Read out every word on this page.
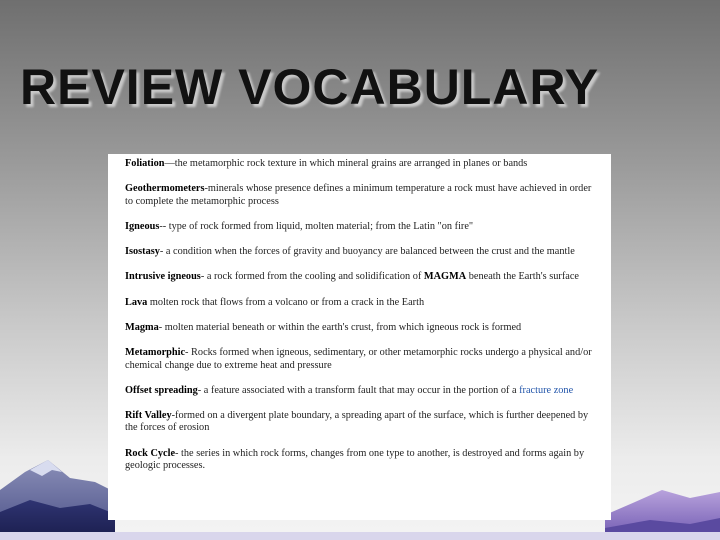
REVIEW VOCABULARY

Foliation—the metamorphic rock texture in which mineral grains are arranged in planes or bands

Geothermometers-minerals whose presence defines a minimum temperature a rock must have achieved in order to complete the metamorphic process

Igneous-- type of rock formed from liquid, molten material; from the Latin "on fire"

Isostasy- a condition when the forces of gravity and buoyancy are balanced between the crust and the mantle

Intrusive igneous- a rock formed from the cooling and solidification of MAGMA beneath the Earth's surface

Lava molten rock that flows from a volcano or from a crack in the Earth

Magma- molten material beneath or within the earth's crust, from which igneous rock is formed

Metamorphic- Rocks formed when igneous, sedimentary, or other metamorphic rocks undergo a physical and/or chemical change due to extreme heat and pressure

Offset spreading- a feature associated with a transform fault that may occur in the portion of a fracture zone

Rift Valley-formed on a divergent plate boundary, a spreading apart of the surface, which is further deepened by the forces of erosion

Rock Cycle- the series in which rock forms, changes from one type to another, is destroyed and forms again by geologic processes.
